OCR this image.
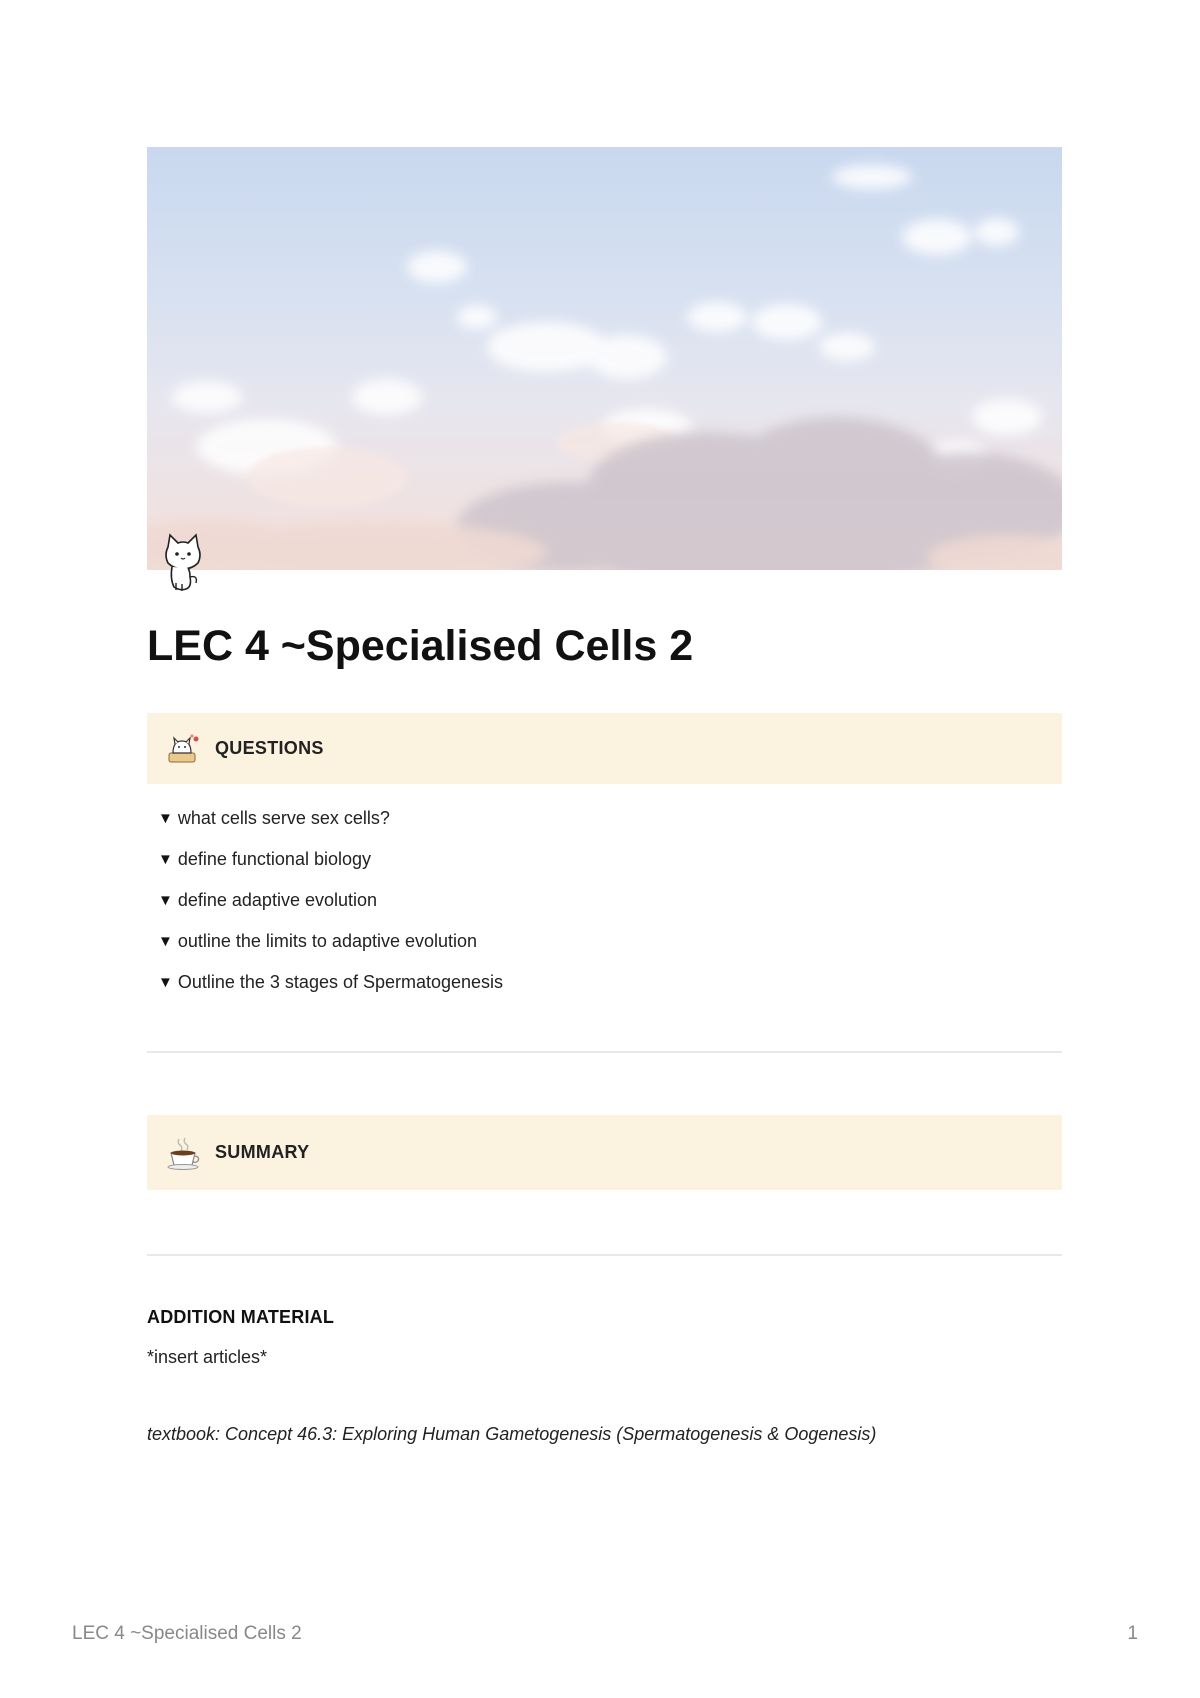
LEC 4 ~Specialised Cells 2
QUESTIONS
▼ what cells serve sex cells?
▼ define functional biology
▼ define adaptive evolution
▼ outline the limits to adaptive evolution
▼ Outline the 3 stages of Spermatogenesis
SUMMARY
ADDITION MATERIAL
*insert articles*
textbook: Concept 46.3: Exploring Human Gametogenesis (Spermatogenesis & Oogenesis)
LEC 4 ~Specialised Cells 2	1
